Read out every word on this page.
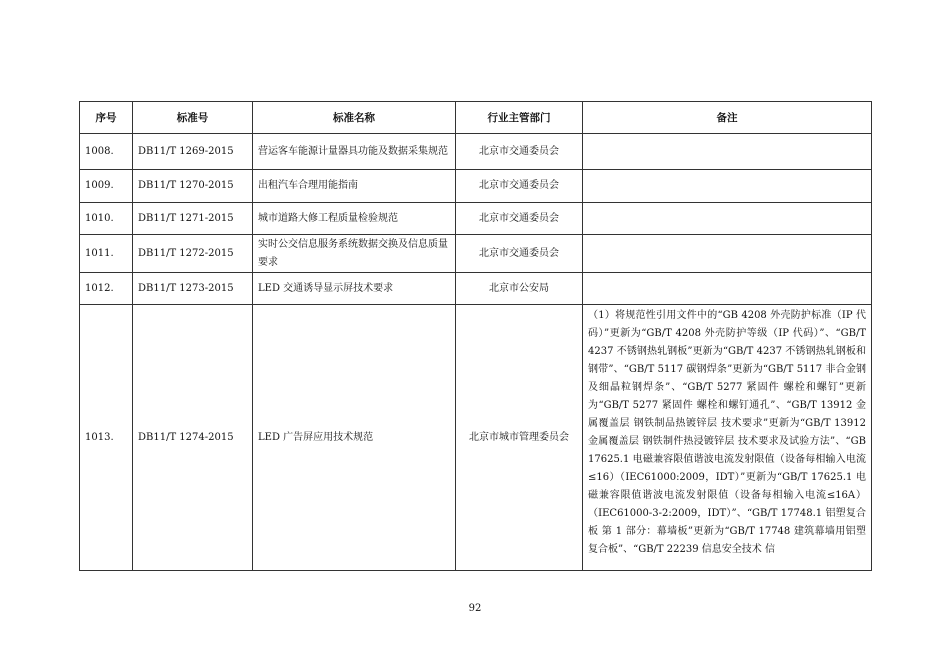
序号	标准号	标准名称	行业主管部门	备注
1008.	DB11/T 1269-2015	营运客车能源计量器具功能及数据采集规范	北京市交通委员会	
1009.	DB11/T 1270-2015	出租汽车合理用能指南	北京市交通委员会	
1010.	DB11/T 1271-2015	城市道路大修工程质量检验规范	北京市交通委员会	
1011.	DB11/T 1272-2015	实时公交信息服务系统数据交换及信息质量要求	北京市交通委员会	
1012.	DB11/T 1273-2015	LED 交通诱导显示屏技术要求	北京市公安局	
1013.	DB11/T 1274-2015	LED 广告屏应用技术规范	北京市城市管理委员会	（1）将规范性引用文件中的“GB 4208 外壳防护标准（IP 代码）”更新为“GB/T 4208 外壳防护等级（IP 代码）”、“GB/T 4237 不锈钢热轧钢板”更新为“GB/T 4237 不锈钢热轧钢板和钢带”、“GB/T 5117 碳钢焊条”更新为“GB/T 5117 非合金钢及细晶粒钢焊条”、“GB/T 5277 紧固件 螺栓和螺钉”更新为“GB/T 5277 紧固件 螺栓和螺钉通孔”、“GB/T 13912 金属覆盖层 钢铁制品热镀锌层 技术要求”更新为“GB/T 13912 金属覆盖层 钢铁制件热浸镀锌层 技术要求及试验方法”、“GB 17625.1 电磁兼容限值谐波电流发射限值（设备每相输入电流≤16）（IEC61000:2009，IDT）”更新为“GB/T 17625.1 电磁兼容限值谐波电流发射限值（设备每相输入电流≤16A）（IEC61000-3-2:2009，IDT）”、“GB/T 17748.1 铝塑复合板 第 1 部分：幕墙板”更新为“GB/T 17748 建筑幕墙用铝塑复合板”、“GB/T 22239 信息安全技术 信
92
